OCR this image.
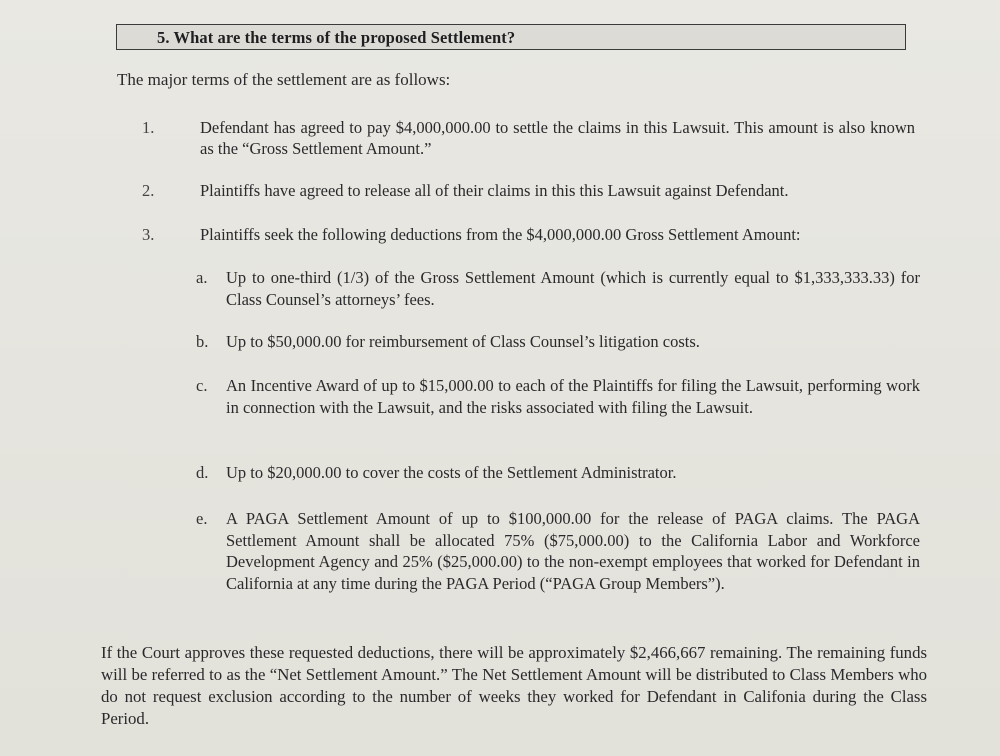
5. What are the terms of the proposed Settlement?
The major terms of the settlement are as follows:
1.	Defendant has agreed to pay $4,000,000.00 to settle the claims in this Lawsuit. This amount is also known as the “Gross Settlement Amount.”
2.	Plaintiffs have agreed to release all of their claims in this this Lawsuit against Defendant.
3.	Plaintiffs seek the following deductions from the $4,000,000.00 Gross Settlement Amount:
a. Up to one-third (1/3) of the Gross Settlement Amount (which is currently equal to $1,333,333.33) for Class Counsel’s attorneys’ fees.
b. Up to $50,000.00 for reimbursement of Class Counsel’s litigation costs.
c. An Incentive Award of up to $15,000.00 to each of the Plaintiffs for filing the Lawsuit, performing work in connection with the Lawsuit, and the risks associated with filing the Lawsuit.
d. Up to $20,000.00 to cover the costs of the Settlement Administrator.
e. A PAGA Settlement Amount of up to $100,000.00 for the release of PAGA claims. The PAGA Settlement Amount shall be allocated 75% ($75,000.00) to the California Labor and Workforce Development Agency and 25% ($25,000.00) to the non-exempt employees that worked for Defendant in California at any time during the PAGA Period (“PAGA Group Members”).
If the Court approves these requested deductions, there will be approximately $2,466,667 remaining. The remaining funds will be referred to as the “Net Settlement Amount.” The Net Settlement Amount will be distributed to Class Members who do not request exclusion according to the number of weeks they worked for Defendant in Califonia during the Class Period.
